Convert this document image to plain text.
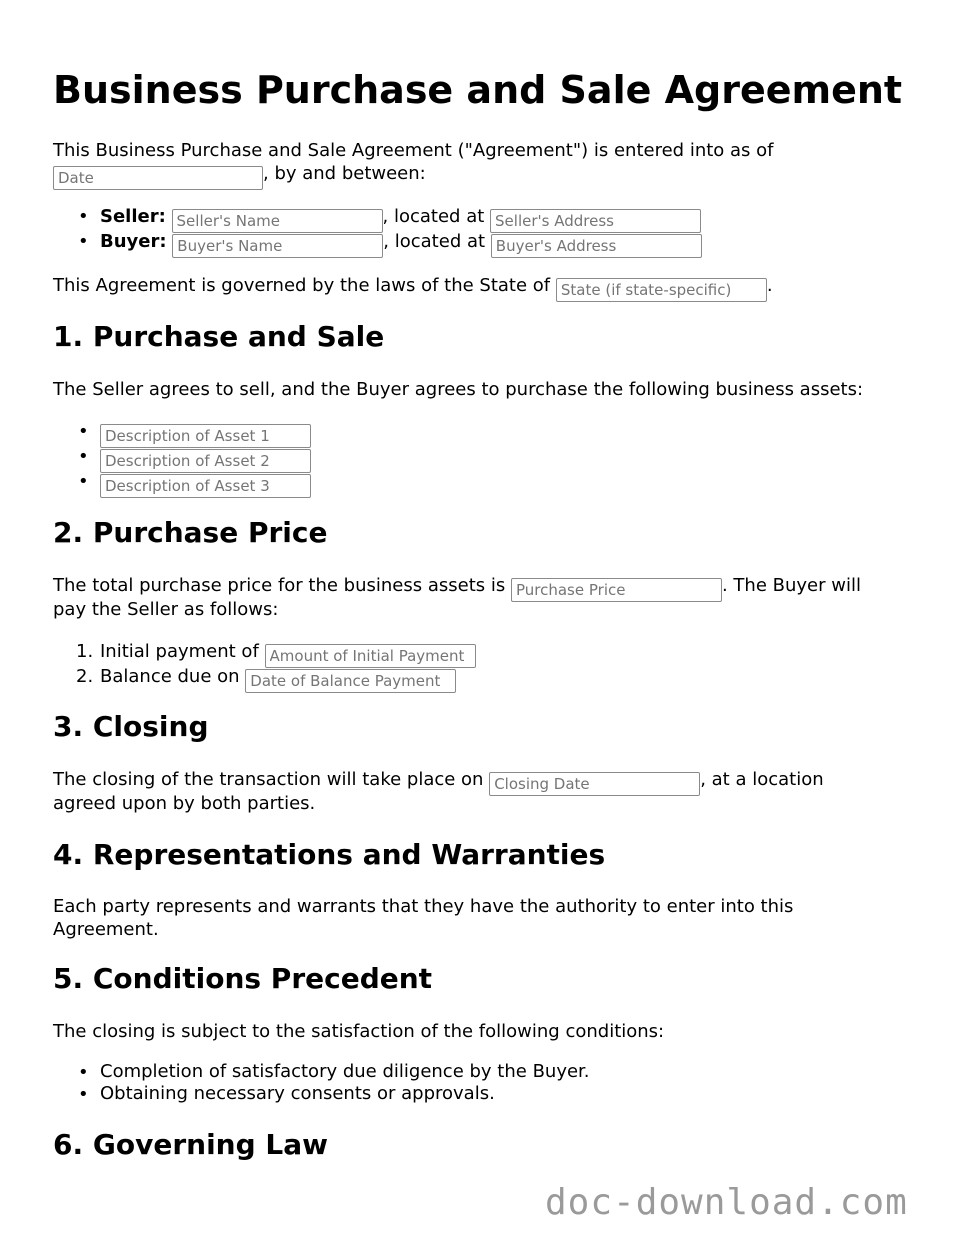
Business Purchase and Sale Agreement
This Business Purchase and Sale Agreement ("Agreement") is entered into as of
Date, by and between:
• Seller: Seller's Name	, located at Seller's Address
• Buyer: Buyer's Name	, located at Buyer's Address
This Agreement is governed by the laws of the State of State (if state-specific)	.
1. Purchase and Sale
The Seller agrees to sell, and the Buyer agrees to purchase the following business assets:
•
Description of Asset 1
•
Description of Asset 2
•
Description of Asset 3
2. Purchase Price
The total purchase price for the business assets is Purchase Price	. The Buyer will
pay the Seller as follows:
1. Initial payment of Amount of Initial Payment
2. Balance due on Date of Balance Payment
3. Closing
The closing of the transaction will take place on Closing Date	, at a location
agreed upon by both parties.
4. Representations and Warranties
Each party represents and warrants that they have the authority to enter into this Agreement.
5. Conditions Precedent
The closing is subject to the satisfaction of the following conditions:
• Completion of satisfactory due diligence by the Buyer.
• Obtaining necessary consents or approvals.
6. Governing Law
doc-download.com
